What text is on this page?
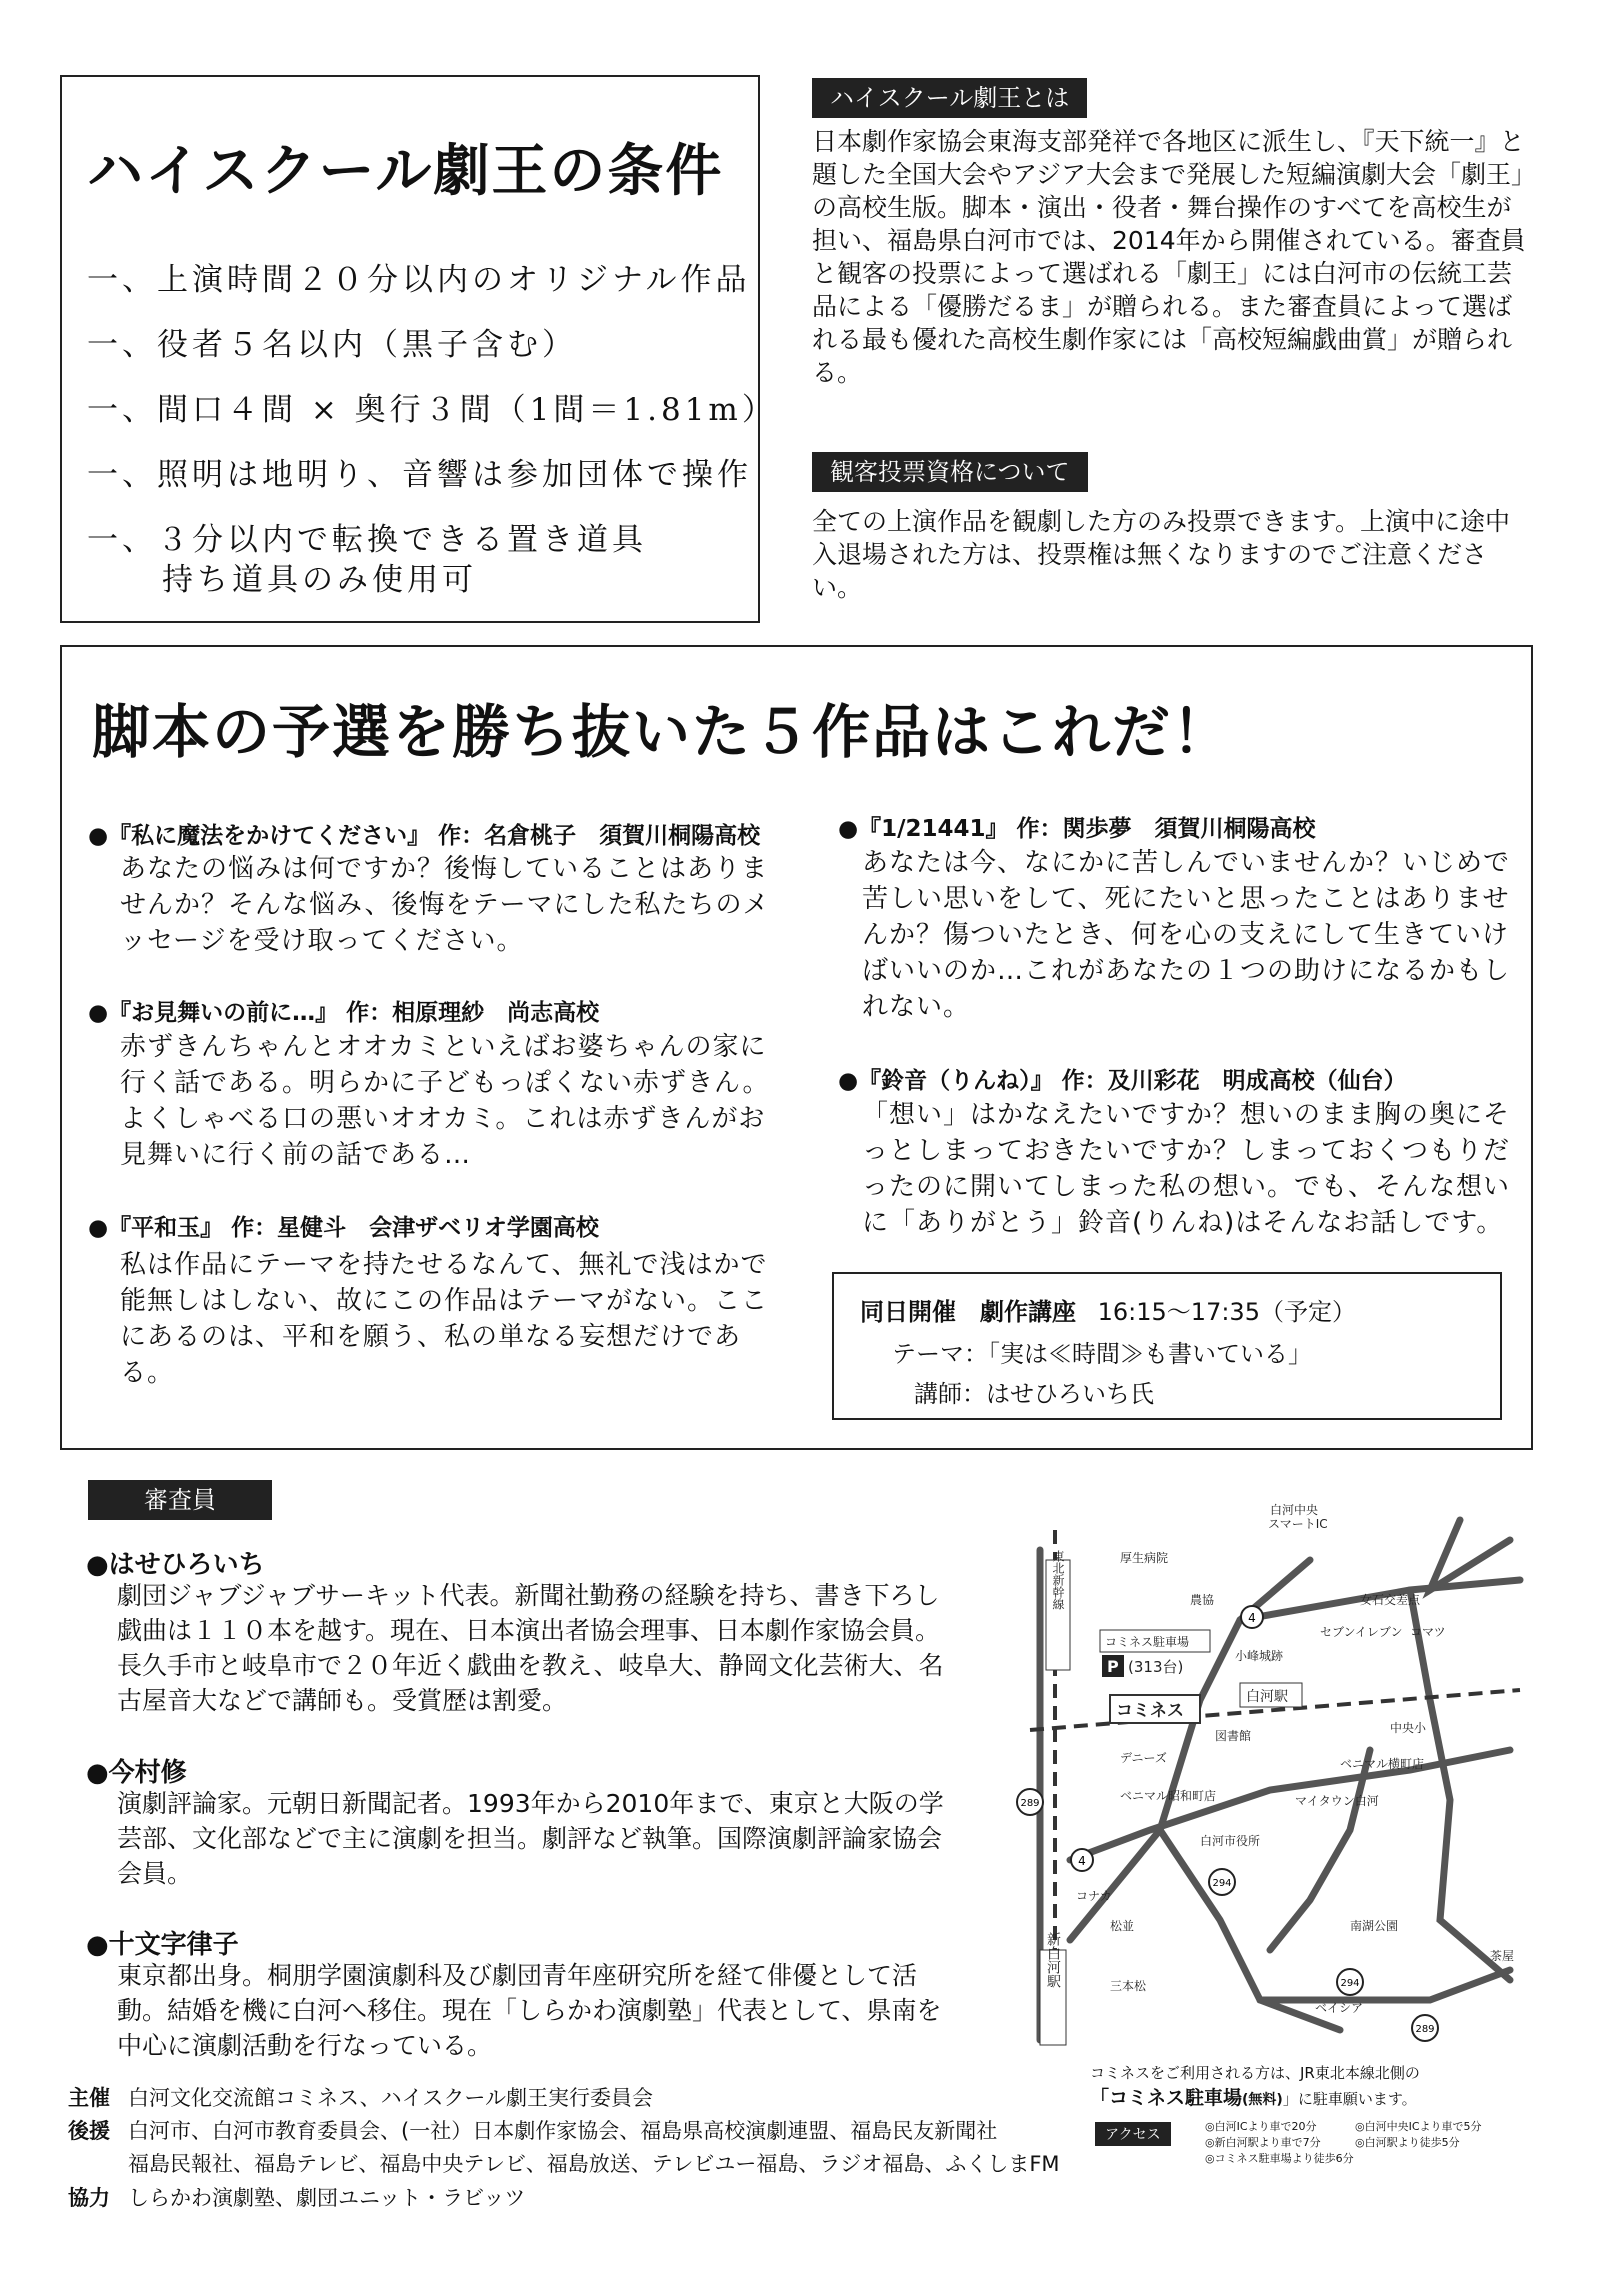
ハイスクール劇王の条件
一、上演時間２０分以内のオリジナル作品
一、役者５名以内（黒子含む）
一、間口４間 × 奥行３間（1間＝1.81m）
一、照明は地明り、音響は参加団体で操作
一、３分以内で転換できる置き道具
持ち道具のみ使用可
ハイスクール劇王とは
日本劇作家協会東海支部発祥で各地区に派生し、『天下統一』と題した全国大会やアジア大会まで発展した短編演劇大会「劇王」の高校生版。脚本・演出・役者・舞台操作のすべてを高校生が担い、福島県白河市では、2014年から開催されている。審査員と観客の投票によって選ばれる「劇王」には白河市の伝統工芸品による「優勝だるま」が贈られる。また審査員によって選ばれる最も優れた高校生劇作家には「高校短編戯曲賞」が贈られる。
観客投票資格について
全ての上演作品を観劇した方のみ投票できます。上演中に途中入退場された方は、投票権は無くなりますのでご注意ください。
脚本の予選を勝ち抜いた５作品はこれだ！
●『私に魔法をかけてください』 作：名倉桃子　須賀川桐陽高校
あなたの悩みは何ですか？後悔していることはありませんか？そんな悩み、後悔をテーマにした私たちのメッセージを受け取ってください。
●『お見舞いの前に…』 作：相原理紗　尚志高校
赤ずきんちゃんとオオカミといえばお婆ちゃんの家に行く話である。明らかに子どもっぽくない赤ずきん。よくしゃべる口の悪いオオカミ。これは赤ずきんがお見舞いに行く前の話である…
●『平和玉』 作：星健斗　会津ザベリオ学園高校
私は作品にテーマを持たせるなんて、無礼で浅はかで能無しはしない、故にこの作品はテーマがない。ここにあるのは、平和を願う、私の単なる妄想だけである。
●『1/21441』 作：関歩夢　須賀川桐陽高校
あなたは今、なにかに苦しんでいませんか？いじめで苦しい思いをして、死にたいと思ったことはありませんか？傷ついたとき、何を心の支えにして生きていけばいいのか…これがあなたの１つの助けになるかもしれない。
●『鈴音（りんね）』 作：及川彩花　明成高校（仙台）
「想い」はかなえたいですか？想いのまま胸の奥にそっとしまっておきたいですか？しまっておくつもりだったのに開いてしまった私の想い。でも、そんな想いに「ありがとう」鈴音(りんね)はそんなお話しです。
同日開催　劇作講座 16:15～17:35（予定）
テーマ：「実は≪時間≫も書いている」
講師：はせひろいち氏
審査員
●はせひろいち
劇団ジャブジャブサーキット代表。新聞社勤務の経験を持ち、書き下ろし戯曲は１１０本を越す。現在、日本演出者協会理事、日本劇作家協会員。長久手市と岐阜市で２０年近く戯曲を教え、岐阜大、静岡文化芸術大、名古屋音大などで講師も。受賞歴は割愛。
●今村修
演劇評論家。元朝日新聞記者。1993年から2010年まで、東京と大阪の学芸部、文化部などで主に演劇を担当。劇評など執筆。国際演劇評論家協会会員。
●十文字律子
東京都出身。桐朋学園演劇科及び劇団青年座研究所を経て俳優として活動。結婚を機に白河へ移住。現在「しらかわ演劇塾」代表として、県南を中心に演劇活動を行なっている。
主催 白河文化交流館コミネス、ハイスクール劇王実行委員会
後援 白河市、白河市教育委員会、(一社）日本劇作家協会、福島県高校演劇連盟、福島民友新聞社
福島民報社、福島テレビ、福島中央テレビ、福島放送、テレビユー福島、ラジオ福島、ふくしまFM
協力 しらかわ演劇塾、劇団ユニット・ラビッツ
東北新幹線
新白河駅
コミネス駐車場
P (313台)
コミネス
白河駅
白河中央
スマートIC
厚生病院
農協	女石交差点
セブンイレブン コマツ
小峰城跡
図書館
中央小
ベニマル横町店
デニーズ
ベニマル昭和町店	マイタウン白河
白河市役所
コナカ
松並	南湖公園
三本松
ベイシア
茶屋
4
4
289
294
294
289
コミネスをご利用される方は、JR東北本線北側の
「コミネス駐車場(無料)」に駐車願います。
アクセス
◎白河ICより車で20分	◎白河中央ICより車で5分
◎新白河駅より車で7分	◎白河駅より徒歩5分
◎コミネス駐車場より徒歩6分
